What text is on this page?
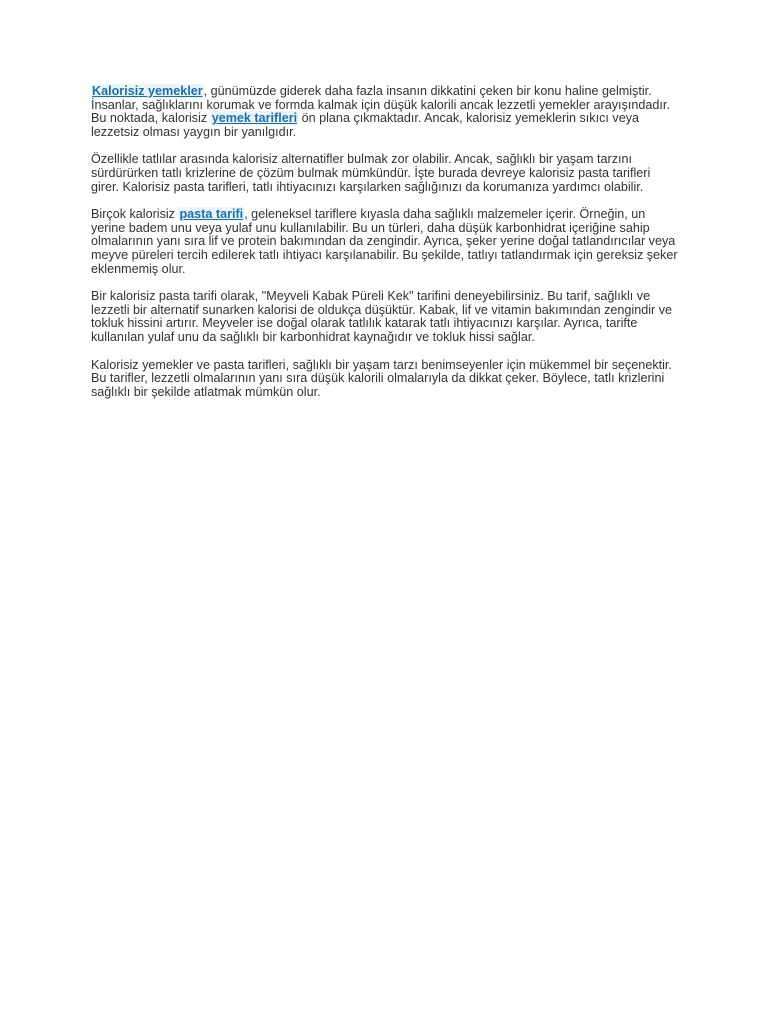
Kalorisiz yemekler, günümüzde giderek daha fazla insanın dikkatini çeken bir konu haline gelmiştir. İnsanlar, sağlıklarını korumak ve formda kalmak için düşük kalorili ancak lezzetli yemekler arayışındadır. Bu noktada, kalorisiz yemek tarifleri ön plana çıkmaktadır. Ancak, kalorisiz yemeklerin sıkıcı veya lezzetsiz olması yaygın bir yanılgıdır.

Özellikle tatlılar arasında kalorisiz alternatifler bulmak zor olabilir. Ancak, sağlıklı bir yaşam tarzını sürdürürken tatlı krizlerine de çözüm bulmak mümkündür. İşte burada devreye kalorisiz pasta tarifleri girer. Kalorisiz pasta tarifleri, tatlı ihtiyacınızı karşılarken sağlığınızı da korumanıza yardımcı olabilir.

Birçok kalorisiz pasta tarifi, geleneksel tariflere kıyasla daha sağlıklı malzemeler içerir. Örneğin, un yerine badem unu veya yulaf unu kullanılabilir. Bu un türleri, daha düşük karbonhidrat içeriğine sahip olmalarının yanı sıra lif ve protein bakımından da zengindir. Ayrıca, şeker yerine doğal tatlandırıcılar veya meyve püreleri tercih edilerek tatlı ihtiyacı karşılanabilir. Bu şekilde, tatlıyı tatlandırmak için gereksiz şeker eklenmemiş olur.

Bir kalorisiz pasta tarifi olarak, "Meyveli Kabak Püreli Kek" tarifini deneyebilirsiniz. Bu tarif, sağlıklı ve lezzetli bir alternatif sunarken kalorisi de oldukça düşüktür. Kabak, lif ve vitamin bakımından zengindir ve tokluk hissini artırır. Meyveler ise doğal olarak tatlılık katarak tatlı ihtiyacınızı karşılar. Ayrıca, tarifte kullanılan yulaf unu da sağlıklı bir karbonhidrat kaynağıdır ve tokluk hissi sağlar.

Kalorisiz yemekler ve pasta tarifleri, sağlıklı bir yaşam tarzı benimseyenler için mükemmel bir seçenektir. Bu tarifler, lezzetli olmalarının yanı sıra düşük kalorili olmalarıyla da dikkat çeker. Böylece, tatlı krizlerini sağlıklı bir şekilde atlatmak mümkün olur.
